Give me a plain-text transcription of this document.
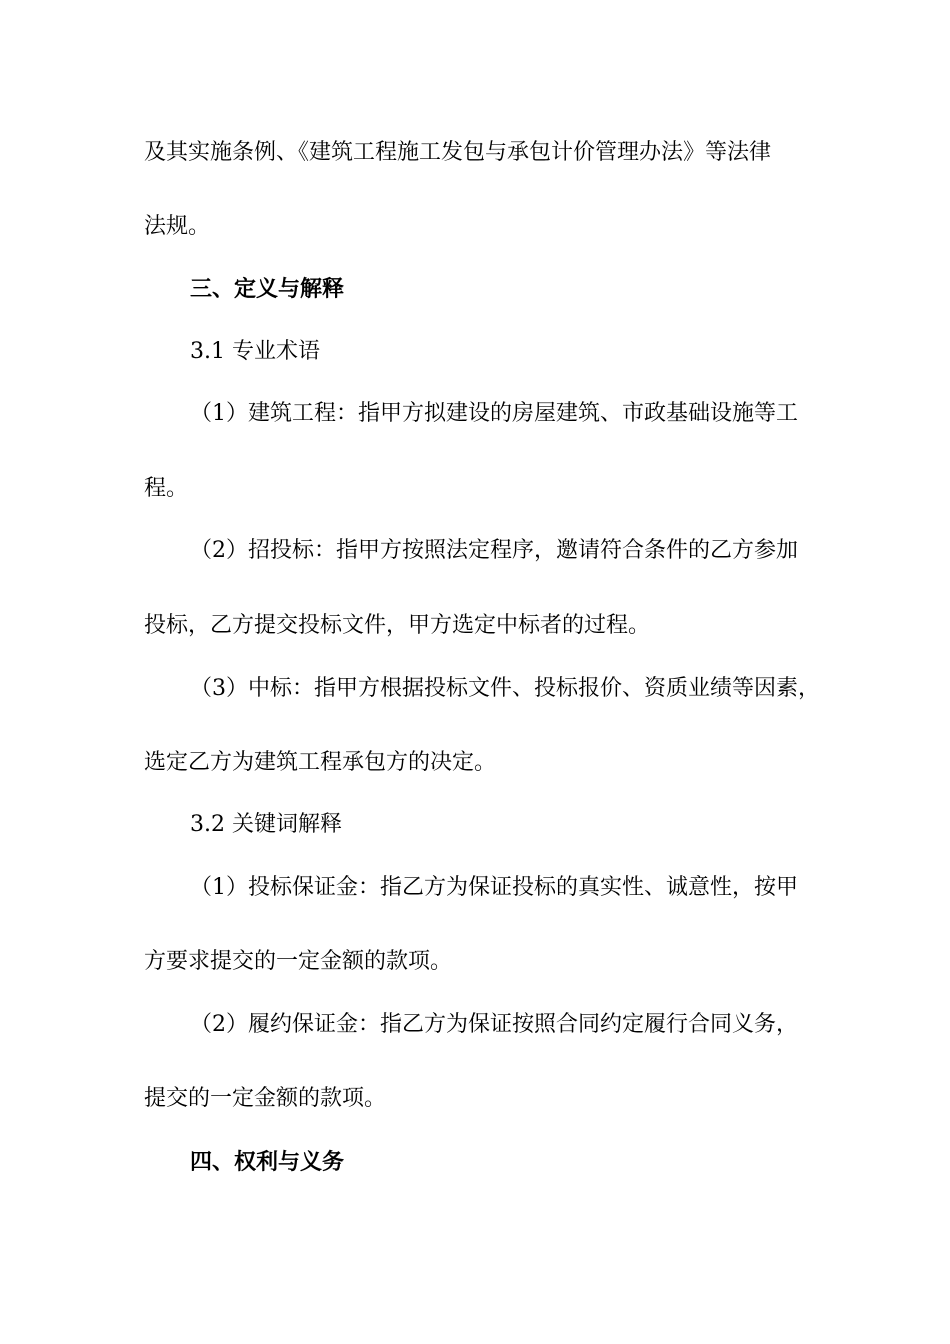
及其实施条例、《建筑工程施工发包与承包计价管理办法》等法律
法规。
三、定义与解释
3.1 专业术语
（1）建筑工程：指甲方拟建设的房屋建筑、市政基础设施等工
程。
（2）招投标：指甲方按照法定程序，邀请符合条件的乙方参加
投标，乙方提交投标文件，甲方选定中标者的过程。
（3）中标：指甲方根据投标文件、投标报价、资质业绩等因素，
选定乙方为建筑工程承包方的决定。
3.2 关键词解释
（1）投标保证金：指乙方为保证投标的真实性、诚意性，按甲
方要求提交的一定金额的款项。
（2）履约保证金：指乙方为保证按照合同约定履行合同义务，
提交的一定金额的款项。
四、权利与义务
